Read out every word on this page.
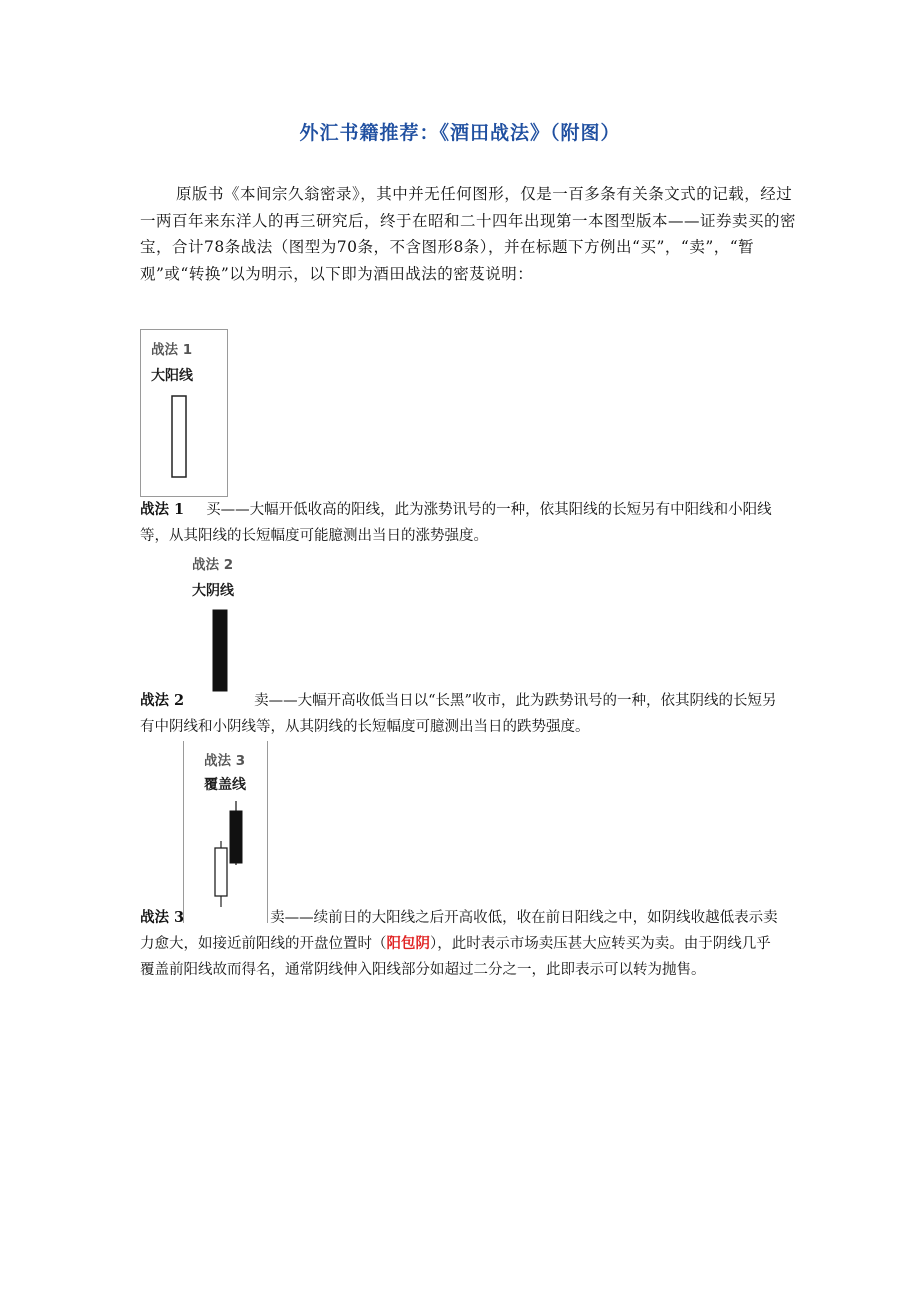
外汇书籍推荐：《酒田战法》（附图）
原版书《本间宗久翁密录》，其中并无任何图形，仅是一百多条有关条文式的记载，经过一两百年来东洋人的再三研究后，终于在昭和二十四年出现第一本图型版本——证券卖买的密宝，合计78条战法（图型为70条，不含图形8条），并在标题下方例出“买”，“卖”，“暂观”或“转换”以为明示，以下即为酒田战法的密芨说明：
战法 1
大阳线
战法 1 买——大幅开低收高的阳线，此为涨势讯号的一种，依其阳线的长短另有中阳线和小阳线等，从其阳线的长短幅度可能臆测出当日的涨势强度。
战法 2
大阴线
战法 2	卖——大幅开高收低当日以“长黑”收市，此为跌势讯号的一种，依其阴线的长短另有中阴线和小阴线等，从其阴线的长短幅度可臆测出当日的跌势强度。
战法 3
覆盖线
战法 3	卖——续前日的大阳线之后开高收低，收在前日阳线之中，如阴线收越低表示卖力愈大，如接近前阳线的开盘位置时（阳包阴），此时表示市场卖压甚大应转买为卖。由于阴线几乎覆盖前阳线故而得名，通常阴线伸入阳线部分如超过二分之一，此即表示可以转为抛售。
